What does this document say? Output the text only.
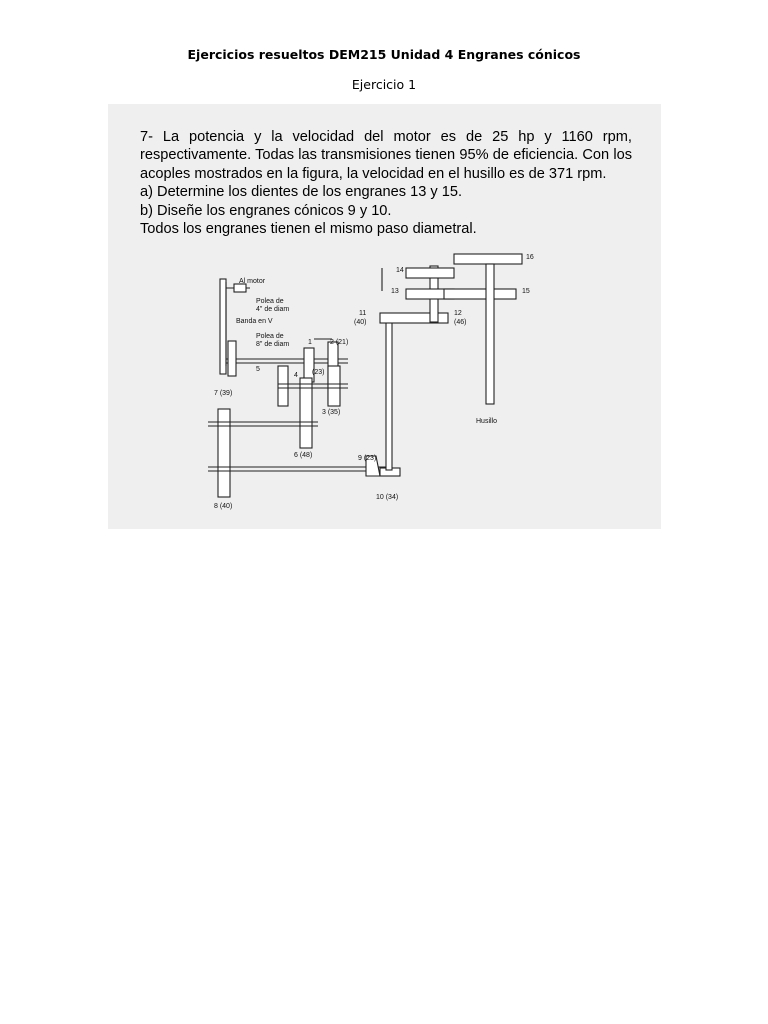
Ejercicios resueltos DEM215 Unidad 4 Engranes cónicos
Ejercicio 1
7- La potencia y la velocidad del motor es de 25 hp y 1160 rpm,
respectivamente. Todas las transmisiones tienen 95% de eficiencia. Con los
acoples mostrados en la figura, la velocidad en el husillo es de 371 rpm.
a) Determine los dientes de los engranes 13 y 15.
b) Diseñe los engranes cónicos 9 y 10.
Todos los engranes tienen el mismo paso diametral.
Al motor
Polea de
4" de diam
Banda en V
Polea de
8" de diam	1	2 (21)
3 (35)
4 (23)
5
6 (48)
7 (39)
8 (40)
9 (23)
10 (34)
11
(40)
12
(46)
13
14
15
16
Husillo
